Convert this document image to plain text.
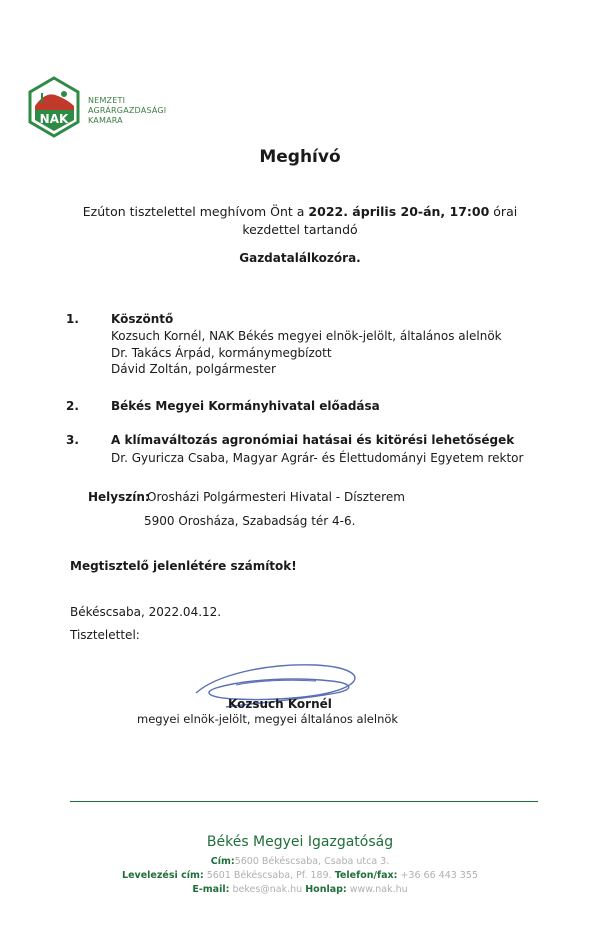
NAK
NEMZETI
AGRÁRGAZDASÁGI
KAMARA
Meghívó
Ezúton tisztelettel meghívom Önt a 2022. április 20-án, 17:00 órai
kezdettel tartandó
Gazdatalálkozóra.
1.	Köszöntő
Kozsuch Kornél, NAK Békés megyei elnök-jelölt, általános alelnök
Dr. Takács Árpád, kormánymegbízott
Dávid Zoltán, polgármester
2.	Békés Megyei Kormányhivatal előadása
3.	A klímaváltozás agronómiai hatásai és kitörési lehetőségek
Dr. Gyuricza Csaba, Magyar Agrár- és Élettudományi Egyetem rektor
Helyszín:
Orosházi Polgármesteri Hivatal - Díszterem
5900 Orosháza, Szabadság tér 4-6.
Megtisztelő jelenlétére számítok!
Békéscsaba, 2022.04.12.
Tisztelettel:
Kozsuch Kornél
megyei elnök-jelölt, megyei általános alelnök
Békés Megyei Igazgatóság
Cím:5600 Békéscsaba, Csaba utca 3.
Levelezési cím: 5601 Békéscsaba, Pf. 189. Telefon/fax: +36 66 443 355
E-mail: bekes@nak.hu Honlap: www.nak.hu
